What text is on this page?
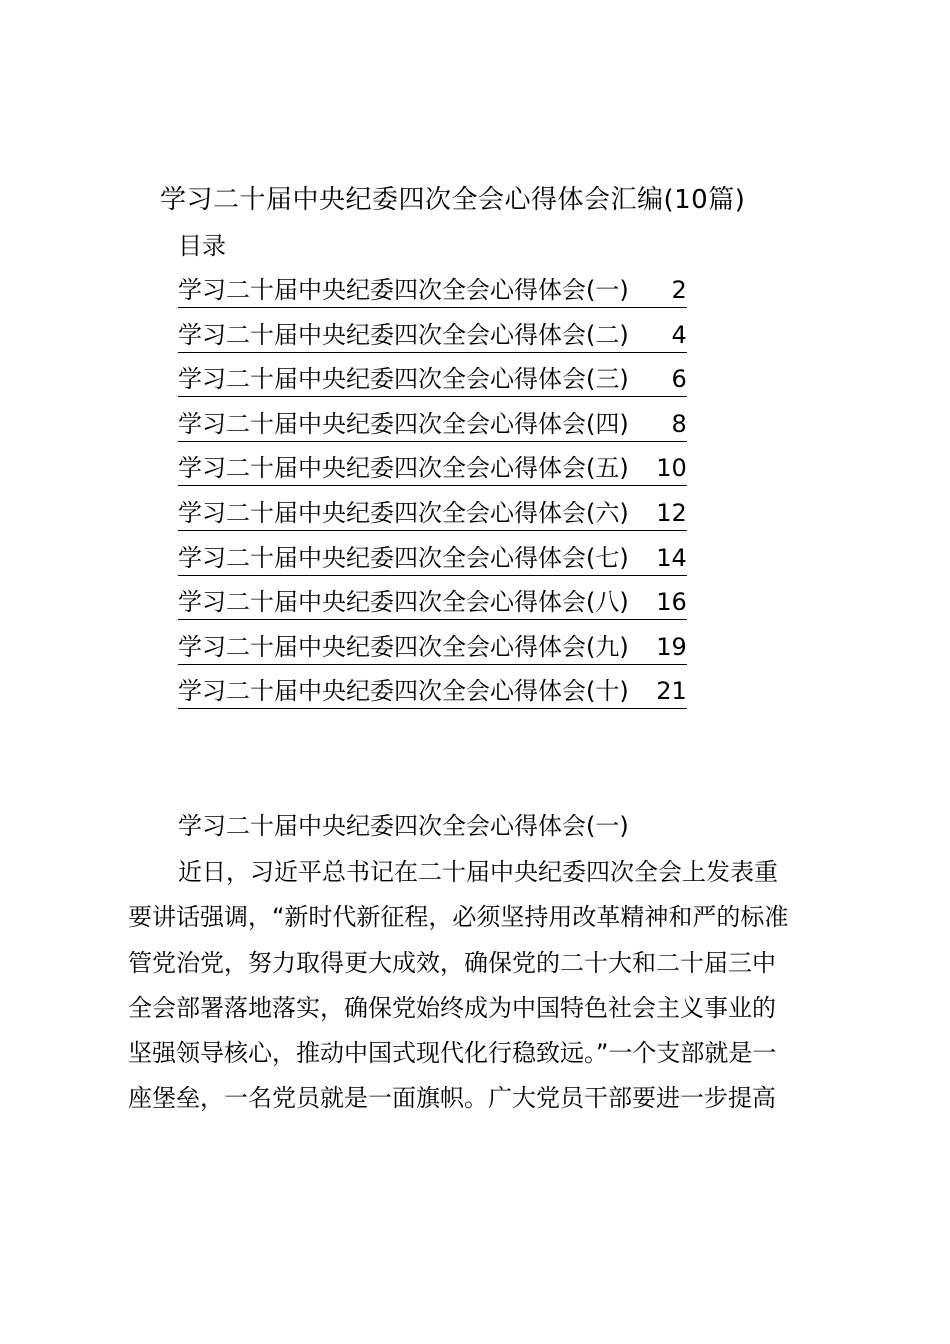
学习二十届中央纪委四次全会心得体会汇编(10篇)
目录
学习二十届中央纪委四次全会心得体会(一) 2
学习二十届中央纪委四次全会心得体会(二) 4
学习二十届中央纪委四次全会心得体会(三) 6
学习二十届中央纪委四次全会心得体会(四) 8
学习二十届中央纪委四次全会心得体会(五) 10
学习二十届中央纪委四次全会心得体会(六) 12
学习二十届中央纪委四次全会心得体会(七) 14
学习二十届中央纪委四次全会心得体会(八) 16
学习二十届中央纪委四次全会心得体会(九) 19
学习二十届中央纪委四次全会心得体会(十) 21
学习二十届中央纪委四次全会心得体会(一)
近日，习近平总书记在二十届中央纪委四次全会上发表重
要讲话强调，“新时代新征程，必须坚持用改革精神和严的标准
管党治党，努力取得更大成效，确保党的二十大和二十届三中
全会部署落地落实，确保党始终成为中国特色社会主义事业的
坚强领导核心，推动中国式现代化行稳致远。”一个支部就是一
座堡垒，一名党员就是一面旗帜。广大党员干部要进一步提高
